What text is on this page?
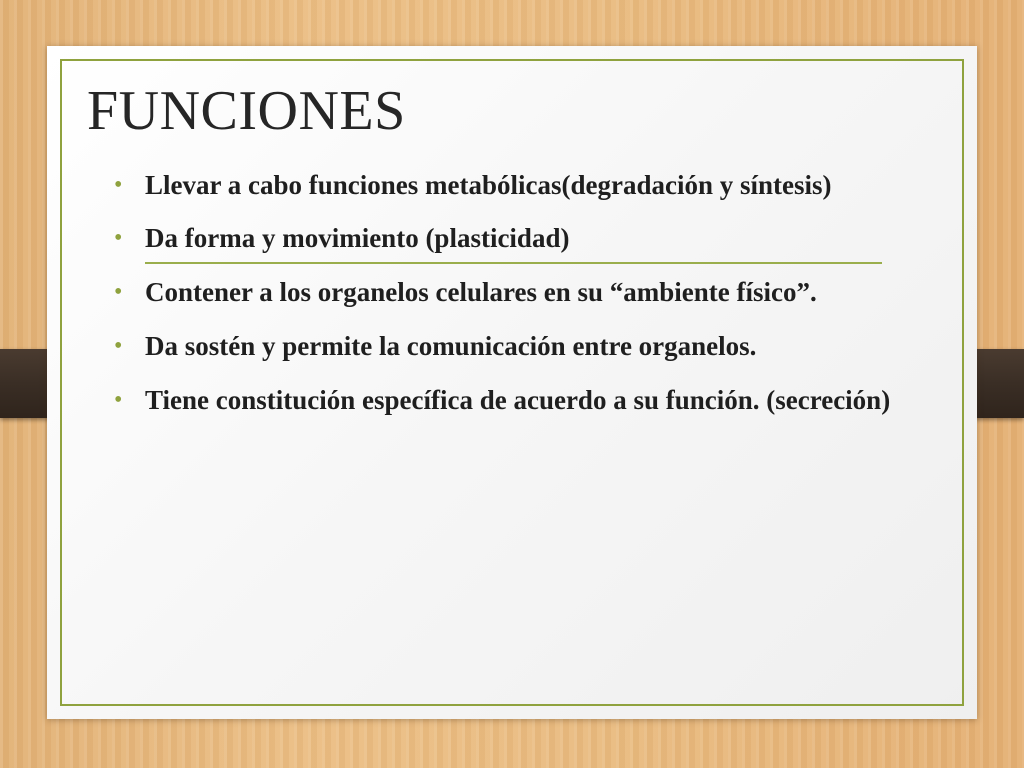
FUNCIONES
• Llevar a cabo funciones metabólicas(degradación y síntesis)
• Da forma y movimiento (plasticidad)
• Contener a los organelos celulares en su “ambiente físico”.
• Da sostén y permite la comunicación entre organelos.
• Tiene constitución específica de acuerdo a su función. (secreción)
